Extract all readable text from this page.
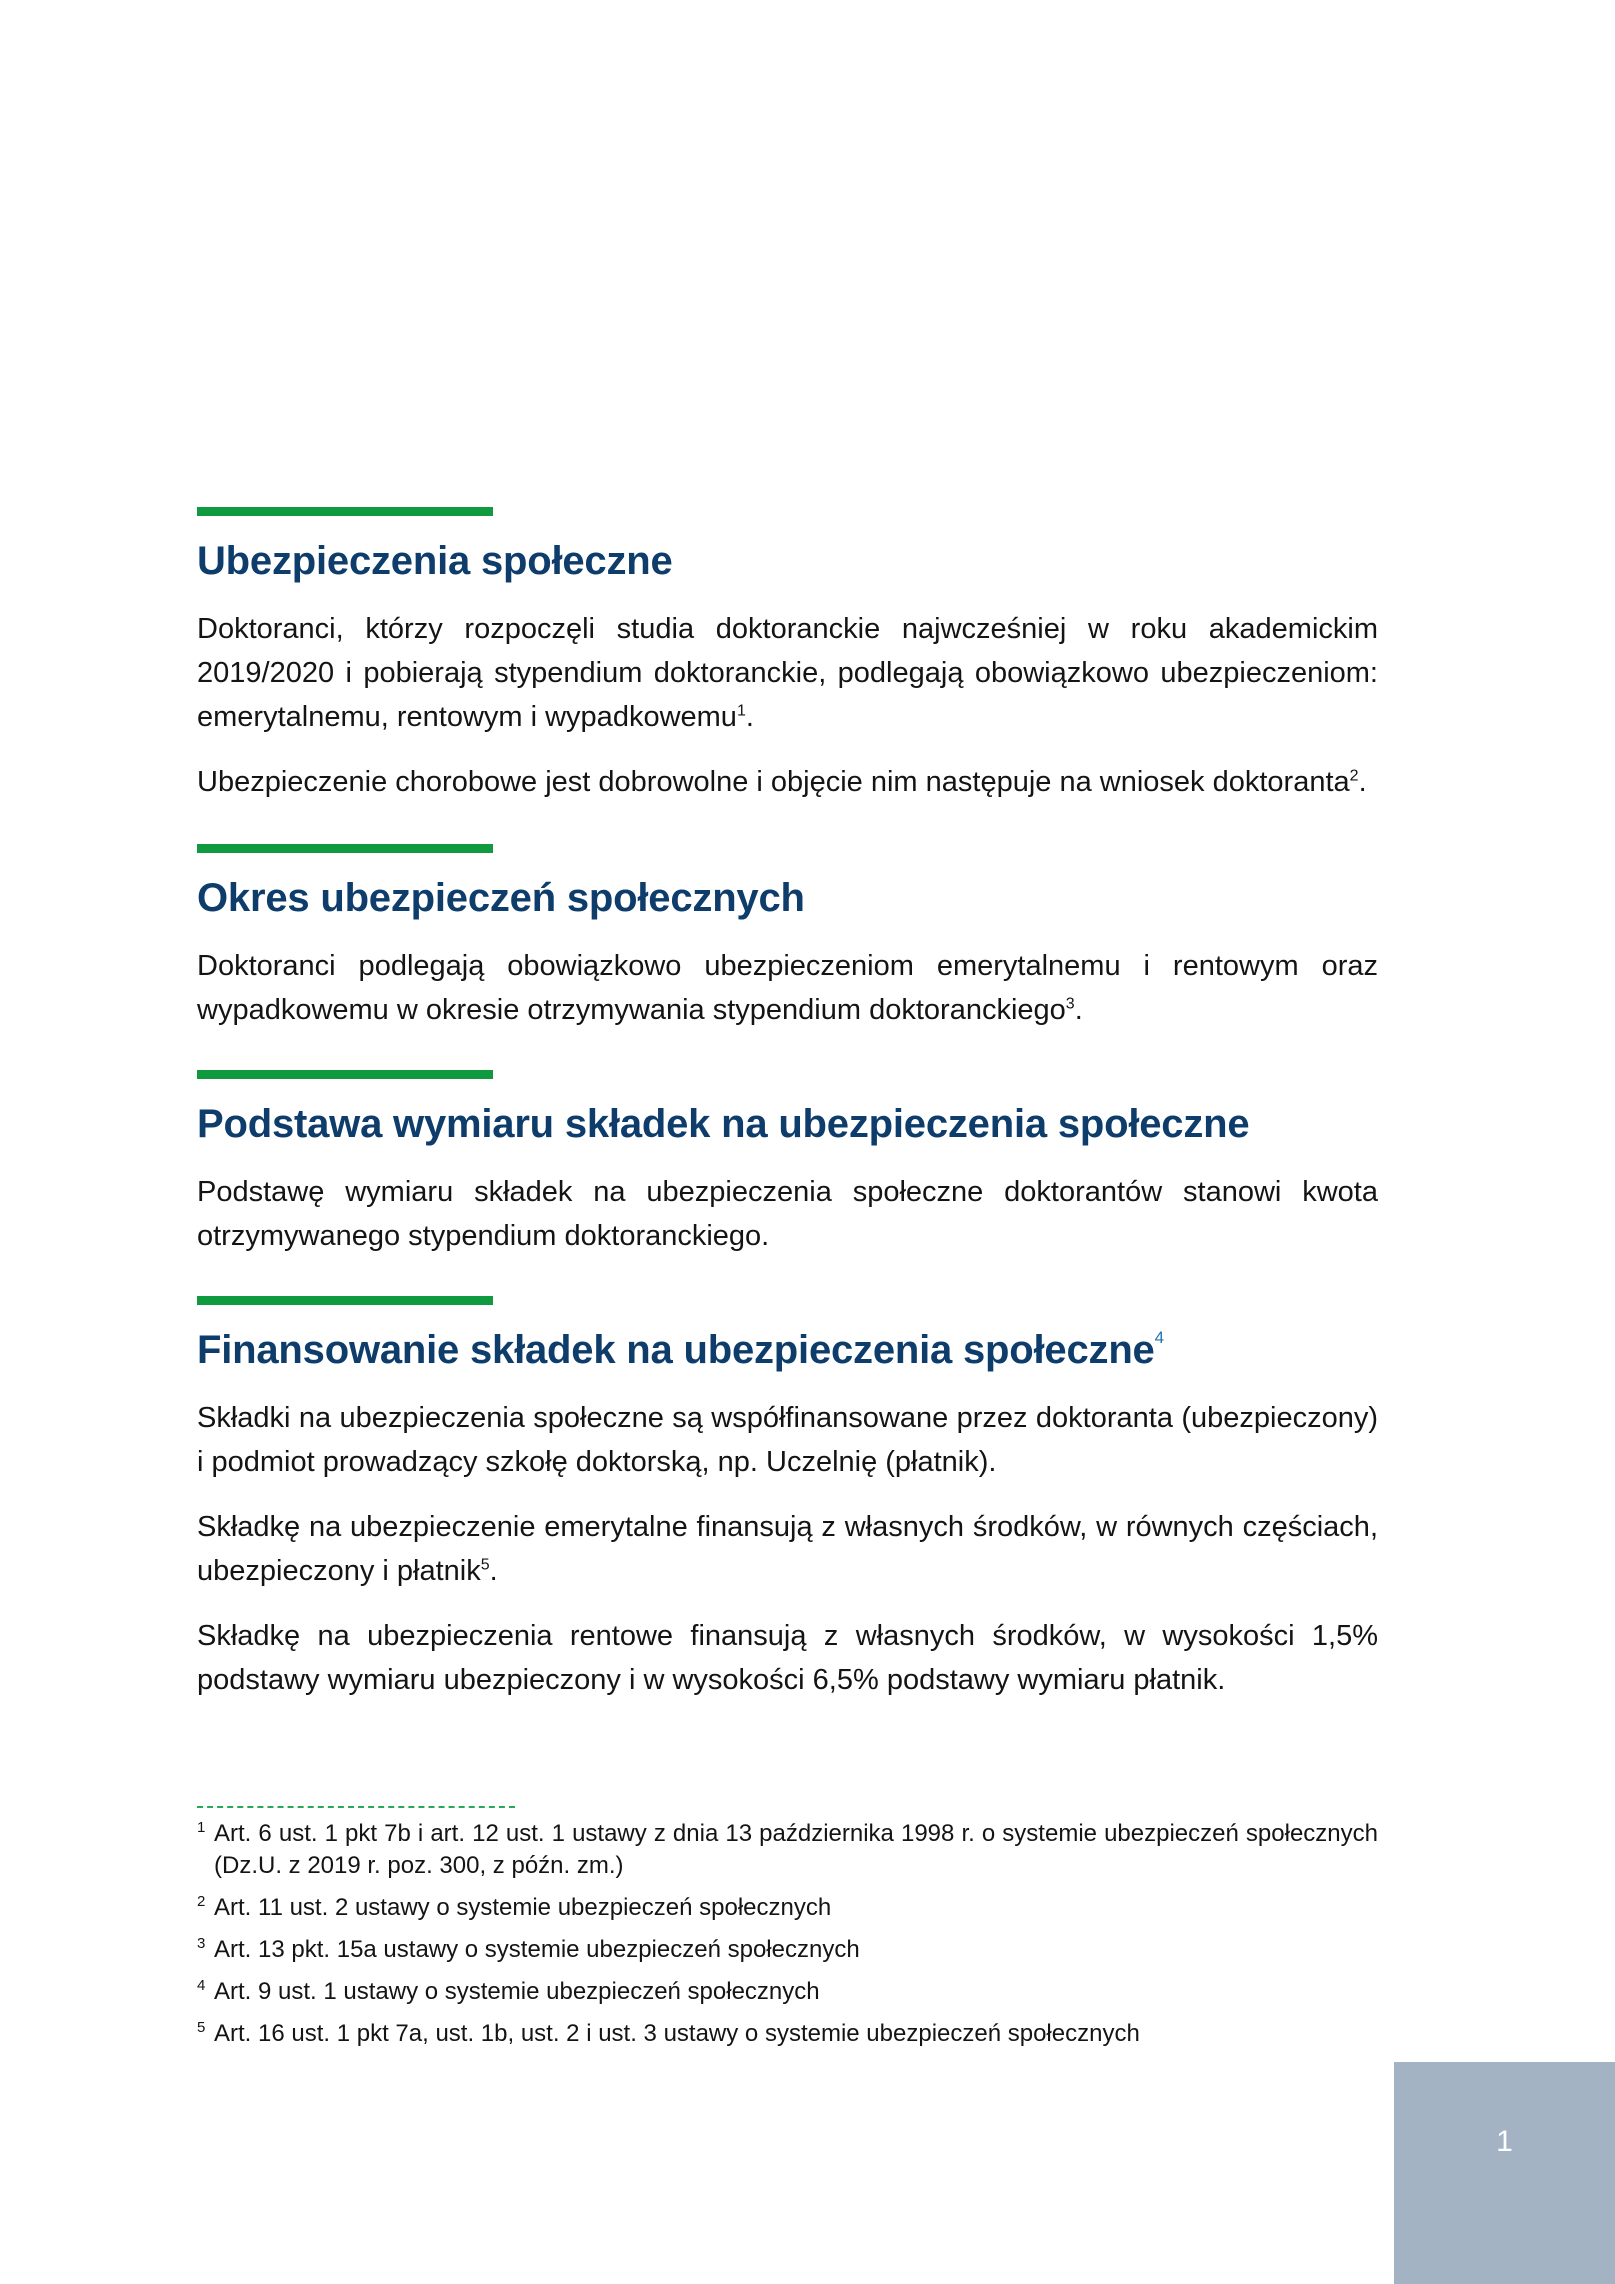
Ubezpieczenia społeczne

Doktoranci, którzy rozpoczęli studia doktoranckie najwcześniej w roku akademickim 2019/2020 i pobierają stypendium doktoranckie, podlegają obowiązkowo ubezpieczeniom: emerytalnemu, rentowym i wypadkowemu$^1$.

Ubezpieczenie chorobowe jest dobrowolne i objęcie nim następuje na wniosek doktoranta$^2$.

Okres ubezpieczeń społecznych

Doktoranci podlegają obowiązkowo ubezpieczeniom emerytalnemu i rentowym oraz wypadkowemu w okresie otrzymywania stypendium doktoranckiego$^3$.

Podstawa wymiaru składek na ubezpieczenia społeczne

Podstawę wymiaru składek na ubezpieczenia społeczne doktorantów stanowi kwota otrzymywanego stypendium doktoranckiego.

Finansowanie składek na ubezpieczenia społeczne$^4$

Składki na ubezpieczenia społeczne są współfinansowane przez doktoranta (ubezpieczony) i podmiot prowadzący szkołę doktorską, np. Uczelnię (płatnik).

Składkę na ubezpieczenie emerytalne finansują z własnych środków, w równych częściach, ubezpieczony i płatnik$^5$.

Składkę na ubezpieczenia rentowe finansują z własnych środków, w wysokości 1,5% podstawy wymiaru ubezpieczony i w wysokości 6,5% podstawy wymiaru płatnik.

1 Art. 6 ust. 1 pkt 7b i art. 12 ust. 1 ustawy z dnia 13 października 1998 r. o systemie ubezpieczeń społecznych (Dz.U. z 2019 r. poz. 300, z późn. zm.)
2 Art. 11 ust. 2 ustawy o systemie ubezpieczeń społecznych
3 Art. 13 pkt. 15a ustawy o systemie ubezpieczeń społecznych
4 Art. 9 ust. 1 ustawy o systemie ubezpieczeń społecznych
5 Art. 16 ust. 1 pkt 7a, ust. 1b, ust. 2 i ust. 3 ustawy o systemie ubezpieczeń społecznych
1
